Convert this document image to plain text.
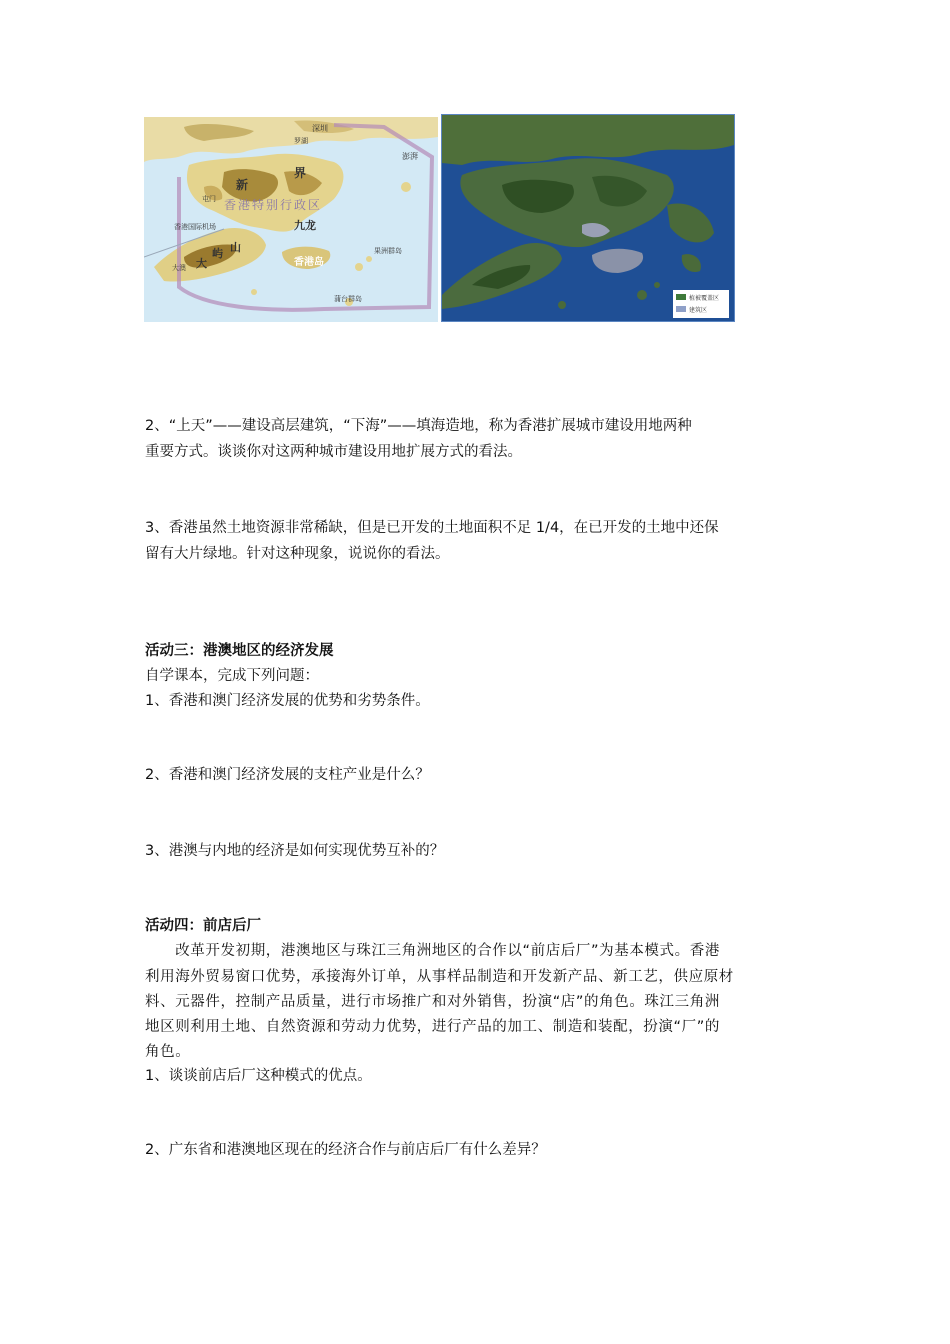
深圳
罗湖
新
界
香港特别行政区
香港国际机场	九龙
香港岛
大
屿 山
大澳
果洲群岛
蒲台群岛
屯门
澎湃
植被覆盖区
建筑区
2、“上天”——建设高层建筑，“下海”——填海造地，称为香港扩展城市建设用地两种
重要方式。谈谈你对这两种城市建设用地扩展方式的看法。
3、香港虽然土地资源非常稀缺，但是已开发的土地面积不足 1/4，在已开发的土地中还保
留有大片绿地。针对这种现象，说说你的看法。
活动三：港澳地区的经济发展
自学课本，完成下列问题：
1、香港和澳门经济发展的优势和劣势条件。
2、香港和澳门经济发展的支柱产业是什么？
3、港澳与内地的经济是如何实现优势互补的？
活动四：前店后厂
　　改革开发初期，港澳地区与珠江三角洲地区的合作以“前店后厂”为基本模式。香港
利用海外贸易窗口优势，承接海外订单，从事样品制造和开发新产品、新工艺，供应原材
料、元器件，控制产品质量，进行市场推广和对外销售，扮演“店”的角色。珠江三角洲
地区则利用土地、自然资源和劳动力优势，进行产品的加工、制造和装配，扮演“厂”的
角色。
1、谈谈前店后厂这种模式的优点。
2、广东省和港澳地区现在的经济合作与前店后厂有什么差异？
